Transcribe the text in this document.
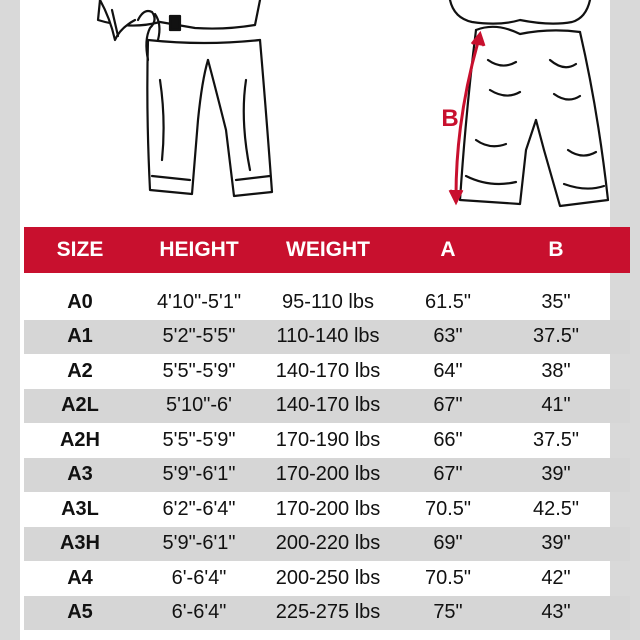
B
SIZE	HEIGHT	WEIGHT	A	B
A0	4'10"-5'1"	95-110 lbs	61.5"	35"
A1	5'2"-5'5"	110-140 lbs	63"	37.5"
A2	5'5"-5'9"	140-170 lbs	64"	38"
A2L	5'10"-6'	140-170 lbs	67"	41"
A2H	5'5"-5'9"	170-190 lbs	66"	37.5"
A3	5'9"-6'1"	170-200 lbs	67"	39"
A3L	6'2"-6'4"	170-200 lbs	70.5"	42.5"
A3H	5'9"-6'1"	200-220 lbs	69"	39"
A4	6'-6'4"	200-250 lbs	70.5"	42"
A5	6'-6'4"	225-275 lbs	75"	43"
